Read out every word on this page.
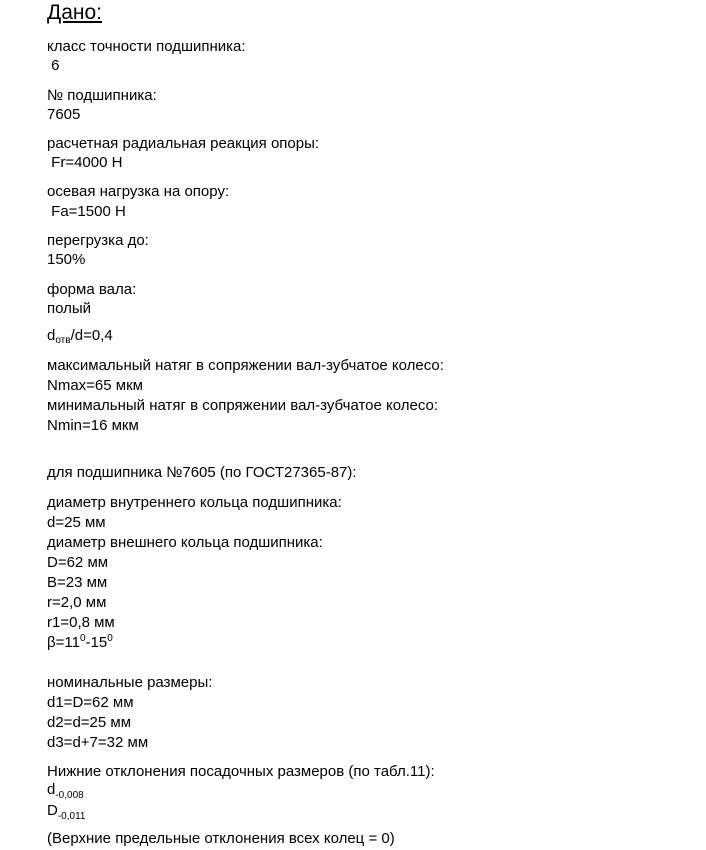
Дано:
класс точности подшипника:
6
№ подшипника:
7605
расчетная радиальная реакция опоры:
Fr=4000 Н
осевая нагрузка на опору:
Fa=1500 Н
перегрузка до:
150%
форма вала:
полый
$d_{отв}/d=0,4$
максимальный натяг в сопряжении вал-зубчатое колесо:
Nmax=65 мкм
минимальный натяг в сопряжении вал-зубчатое колесо:
Nmin=16 мкм
для подшипника №7605 (по ГОСТ27365-87):
диаметр внутреннего кольца подшипника:
d=25 мм
диаметр внешнего кольца подшипника:
D=62 мм
B=23 мм
r=2,0 мм
r1=0,8 мм
$\beta=11^0-15^0$
номинальные размеры:
d1=D=62 мм
d2=d=25 мм
d3=d+7=32 мм
Нижние отклонения посадочных размеров (по табл.11):
$d_{-0,008}$
$D_{-0,011}$
(Верхние предельные отклонения всех колец = 0)
